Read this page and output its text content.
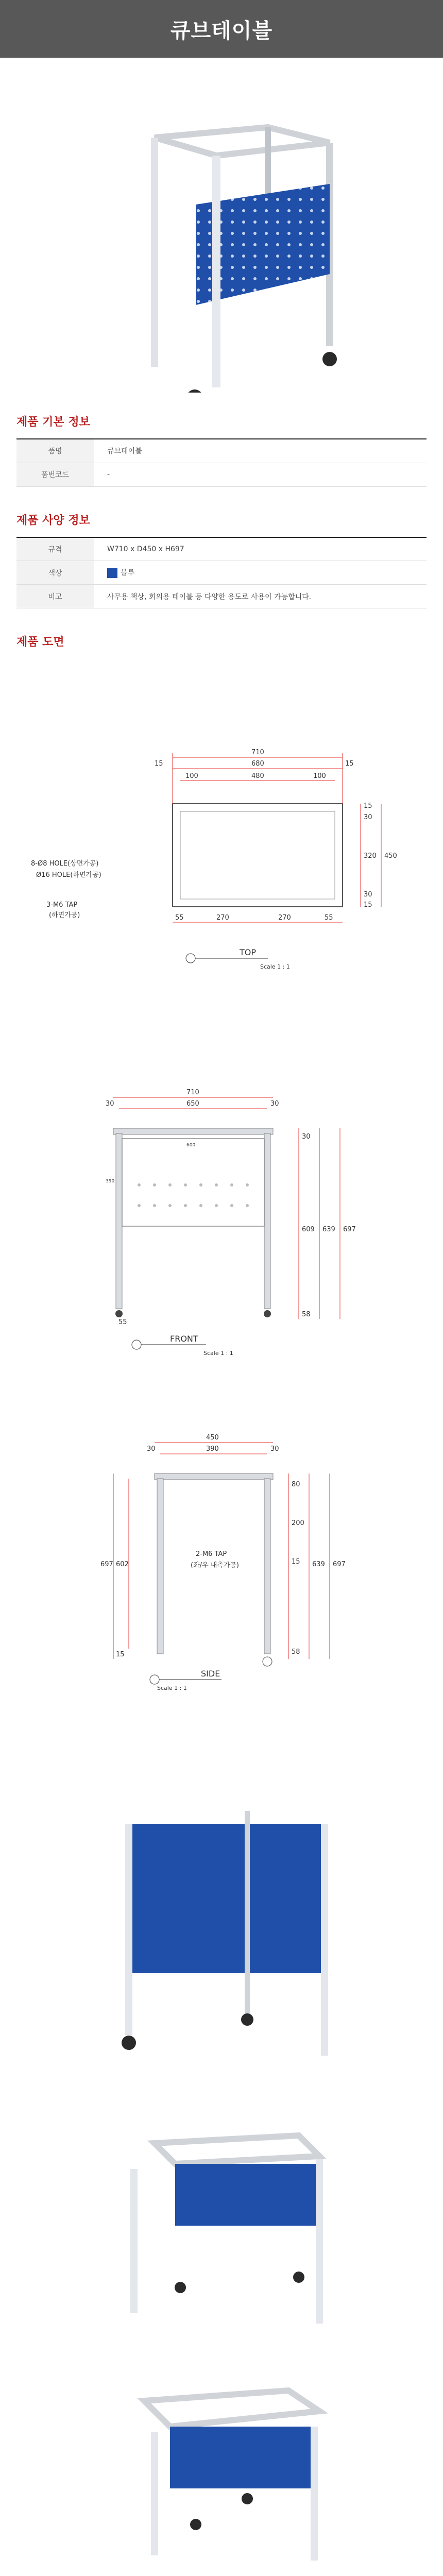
큐브테이블
제품 기본 정보
품명	큐브테이블
품번코드	-
제품 사양 정보
규격	W710 x D450 x H697
색상	블루
비고	사무용 책상, 회의용 테이블 등 다양한 용도로 사용이 가능합니다.
제품 도면
710
680
15	15
480
100	100
15
30
320
30
15
450
55	270	270	55
8-Ø8 HOLE(상면가공)
Ø16 HOLE(하면가공)
3-M6 TAP
(하면가공)
TOP
Scale 1 : 1
600
390
710
650
30	30
30
609 639 697
58
55
FRONT
Scale 1 : 1
450
390
30	30
697 602
15
80
200
15 639 697
58
2-M6 TAP
(좌/우 내측가공)
SIDE
Scale 1 : 1
